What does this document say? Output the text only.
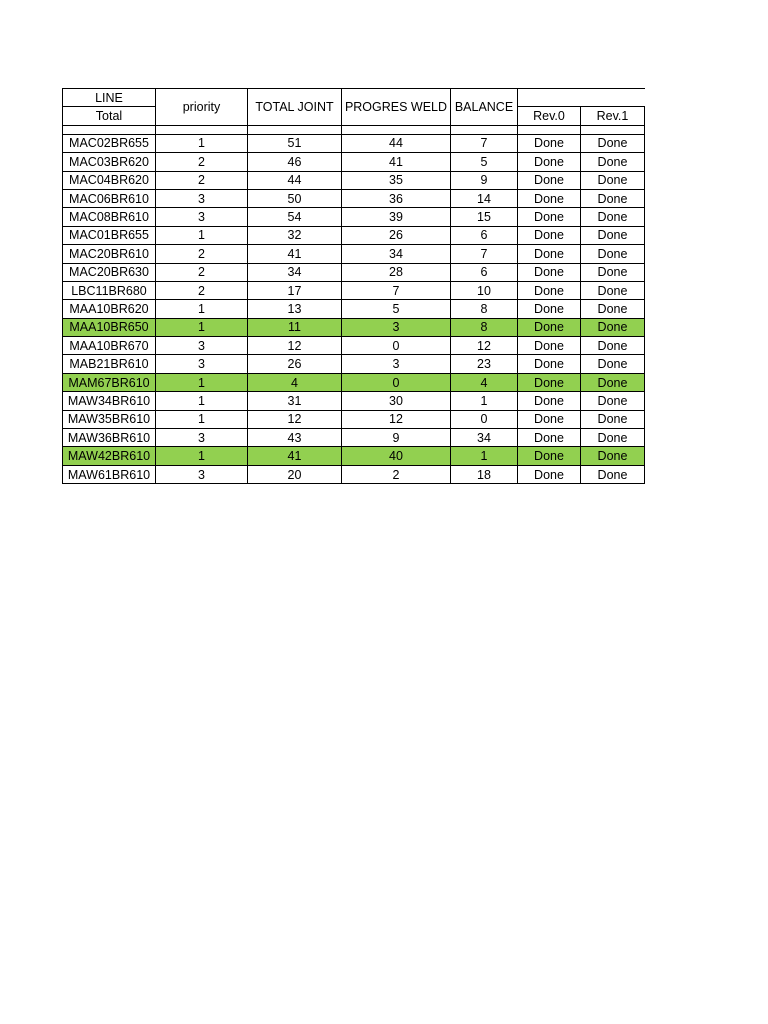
LINE	priority	TOTAL JOINT	PROGRES WELD	BALANCE		
Total					Rev.0	Rev.1

MAC02BR655	1	51	44	7	Done	Done
MAC03BR620	2	46	41	5	Done	Done
MAC04BR620	2	44	35	9	Done	Done
MAC06BR610	3	50	36	14	Done	Done
MAC08BR610	3	54	39	15	Done	Done
MAC01BR655	1	32	26	6	Done	Done
MAC20BR610	2	41	34	7	Done	Done
MAC20BR630	2	34	28	6	Done	Done
LBC11BR680	2	17	7	10	Done	Done
MAA10BR620	1	13	5	8	Done	Done
MAA10BR650	1	11	3	8	Done	Done
MAA10BR670	3	12	0	12	Done	Done
MAB21BR610	3	26	3	23	Done	Done
MAM67BR610	1	4	0	4	Done	Done
MAW34BR610	1	31	30	1	Done	Done
MAW35BR610	1	12	12	0	Done	Done
MAW36BR610	3	43	9	34	Done	Done
MAW42BR610	1	41	40	1	Done	Done
MAW61BR610	3	20	2	18	Done	Done
